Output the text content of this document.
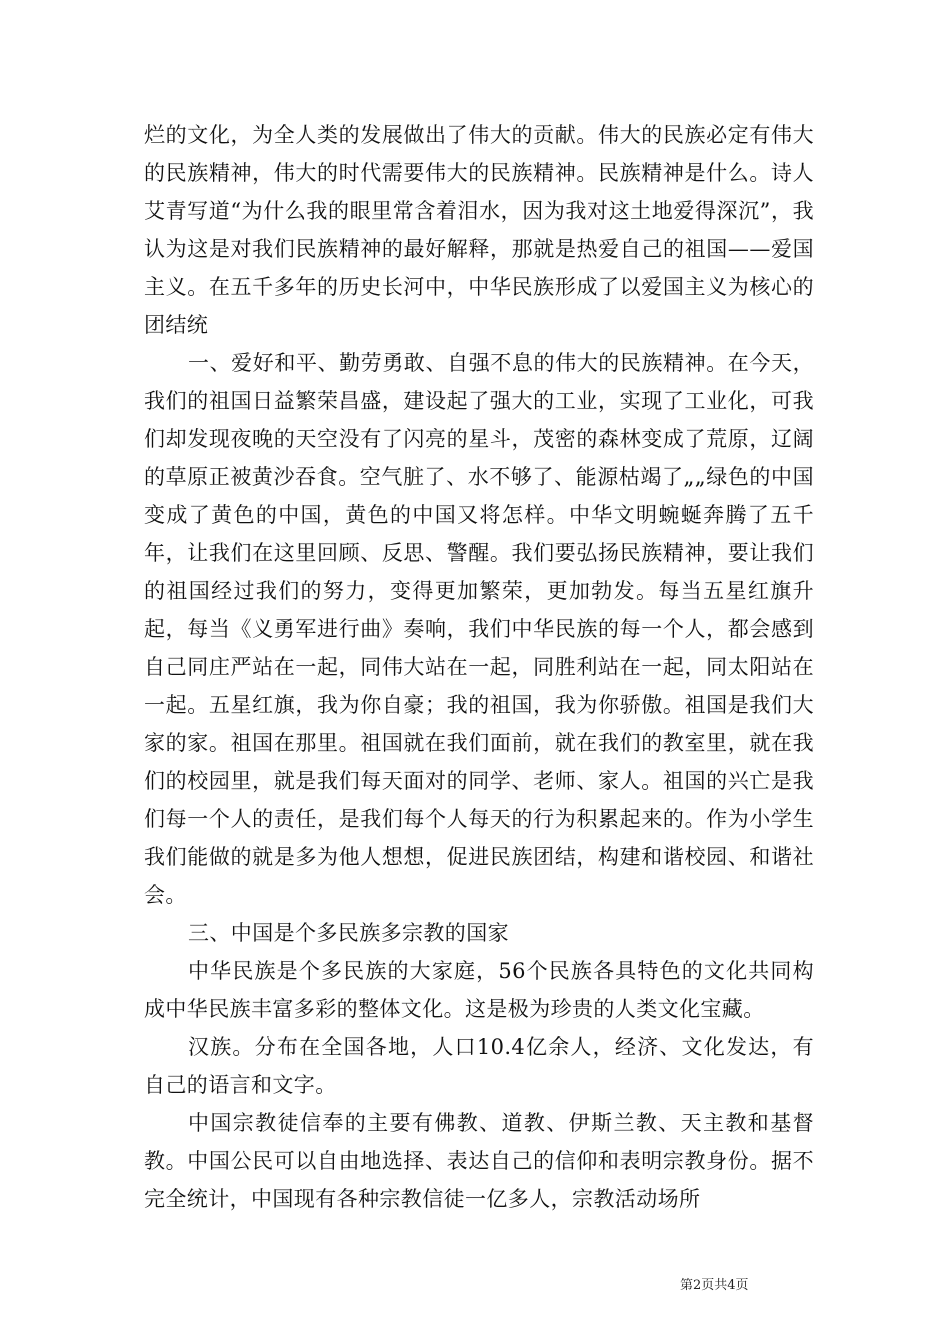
烂的文化，为全人类的发展做出了伟大的贡献。伟大的民族必定有伟大的民族精神，伟大的时代需要伟大的民族精神。民族精神是什么。诗人艾青写道“为什么我的眼里常含着泪水，因为我对这土地爱得深沉”，我认为这是对我们民族精神的最好解释，那就是热爱自己的祖国——爱国主义。在五千多年的历史长河中，中华民族形成了以爱国主义为核心的团结统

一、爱好和平、勤劳勇敢、自强不息的伟大的民族精神。在今天，我们的祖国日益繁荣昌盛，建设起了强大的工业，实现了工业化，可我们却发现夜晚的天空没有了闪亮的星斗，茂密的森林变成了荒原，辽阔的草原正被黄沙吞食。空气脏了、水不够了、能源枯竭了„„绿色的中国变成了黄色的中国，黄色的中国又将怎样。中华文明蜿蜒奔腾了五千年，让我们在这里回顾、反思、警醒。我们要弘扬民族精神，要让我们的祖国经过我们的努力，变得更加繁荣，更加勃发。每当五星红旗升起，每当《义勇军进行曲》奏响，我们中华民族的每一个人，都会感到自己同庄严站在一起，同伟大站在一起，同胜利站在一起，同太阳站在一起。五星红旗，我为你自豪；我的祖国，我为你骄傲。祖国是我们大家的家。祖国在那里。祖国就在我们面前，就在我们的教室里，就在我们的校园里，就是我们每天面对的同学、老师、家人。祖国的兴亡是我们每一个人的责任，是我们每个人每天的行为积累起来的。作为小学生我们能做的就是多为他人想想，促进民族团结，构建和谐校园、和谐社会。

三、中国是个多民族多宗教的国家

中华民族是个多民族的大家庭，56个民族各具特色的文化共同构成中华民族丰富多彩的整体文化。这是极为珍贵的人类文化宝藏。

汉族。分布在全国各地，人口10.4亿余人，经济、文化发达，有自己的语言和文字。

中国宗教徒信奉的主要有佛教、道教、伊斯兰教、天主教和基督教。中国公民可以自由地选择、表达自己的信仰和表明宗教身份。据不完全统计，中国现有各种宗教信徒一亿多人，宗教活动场所

第2页共4页
